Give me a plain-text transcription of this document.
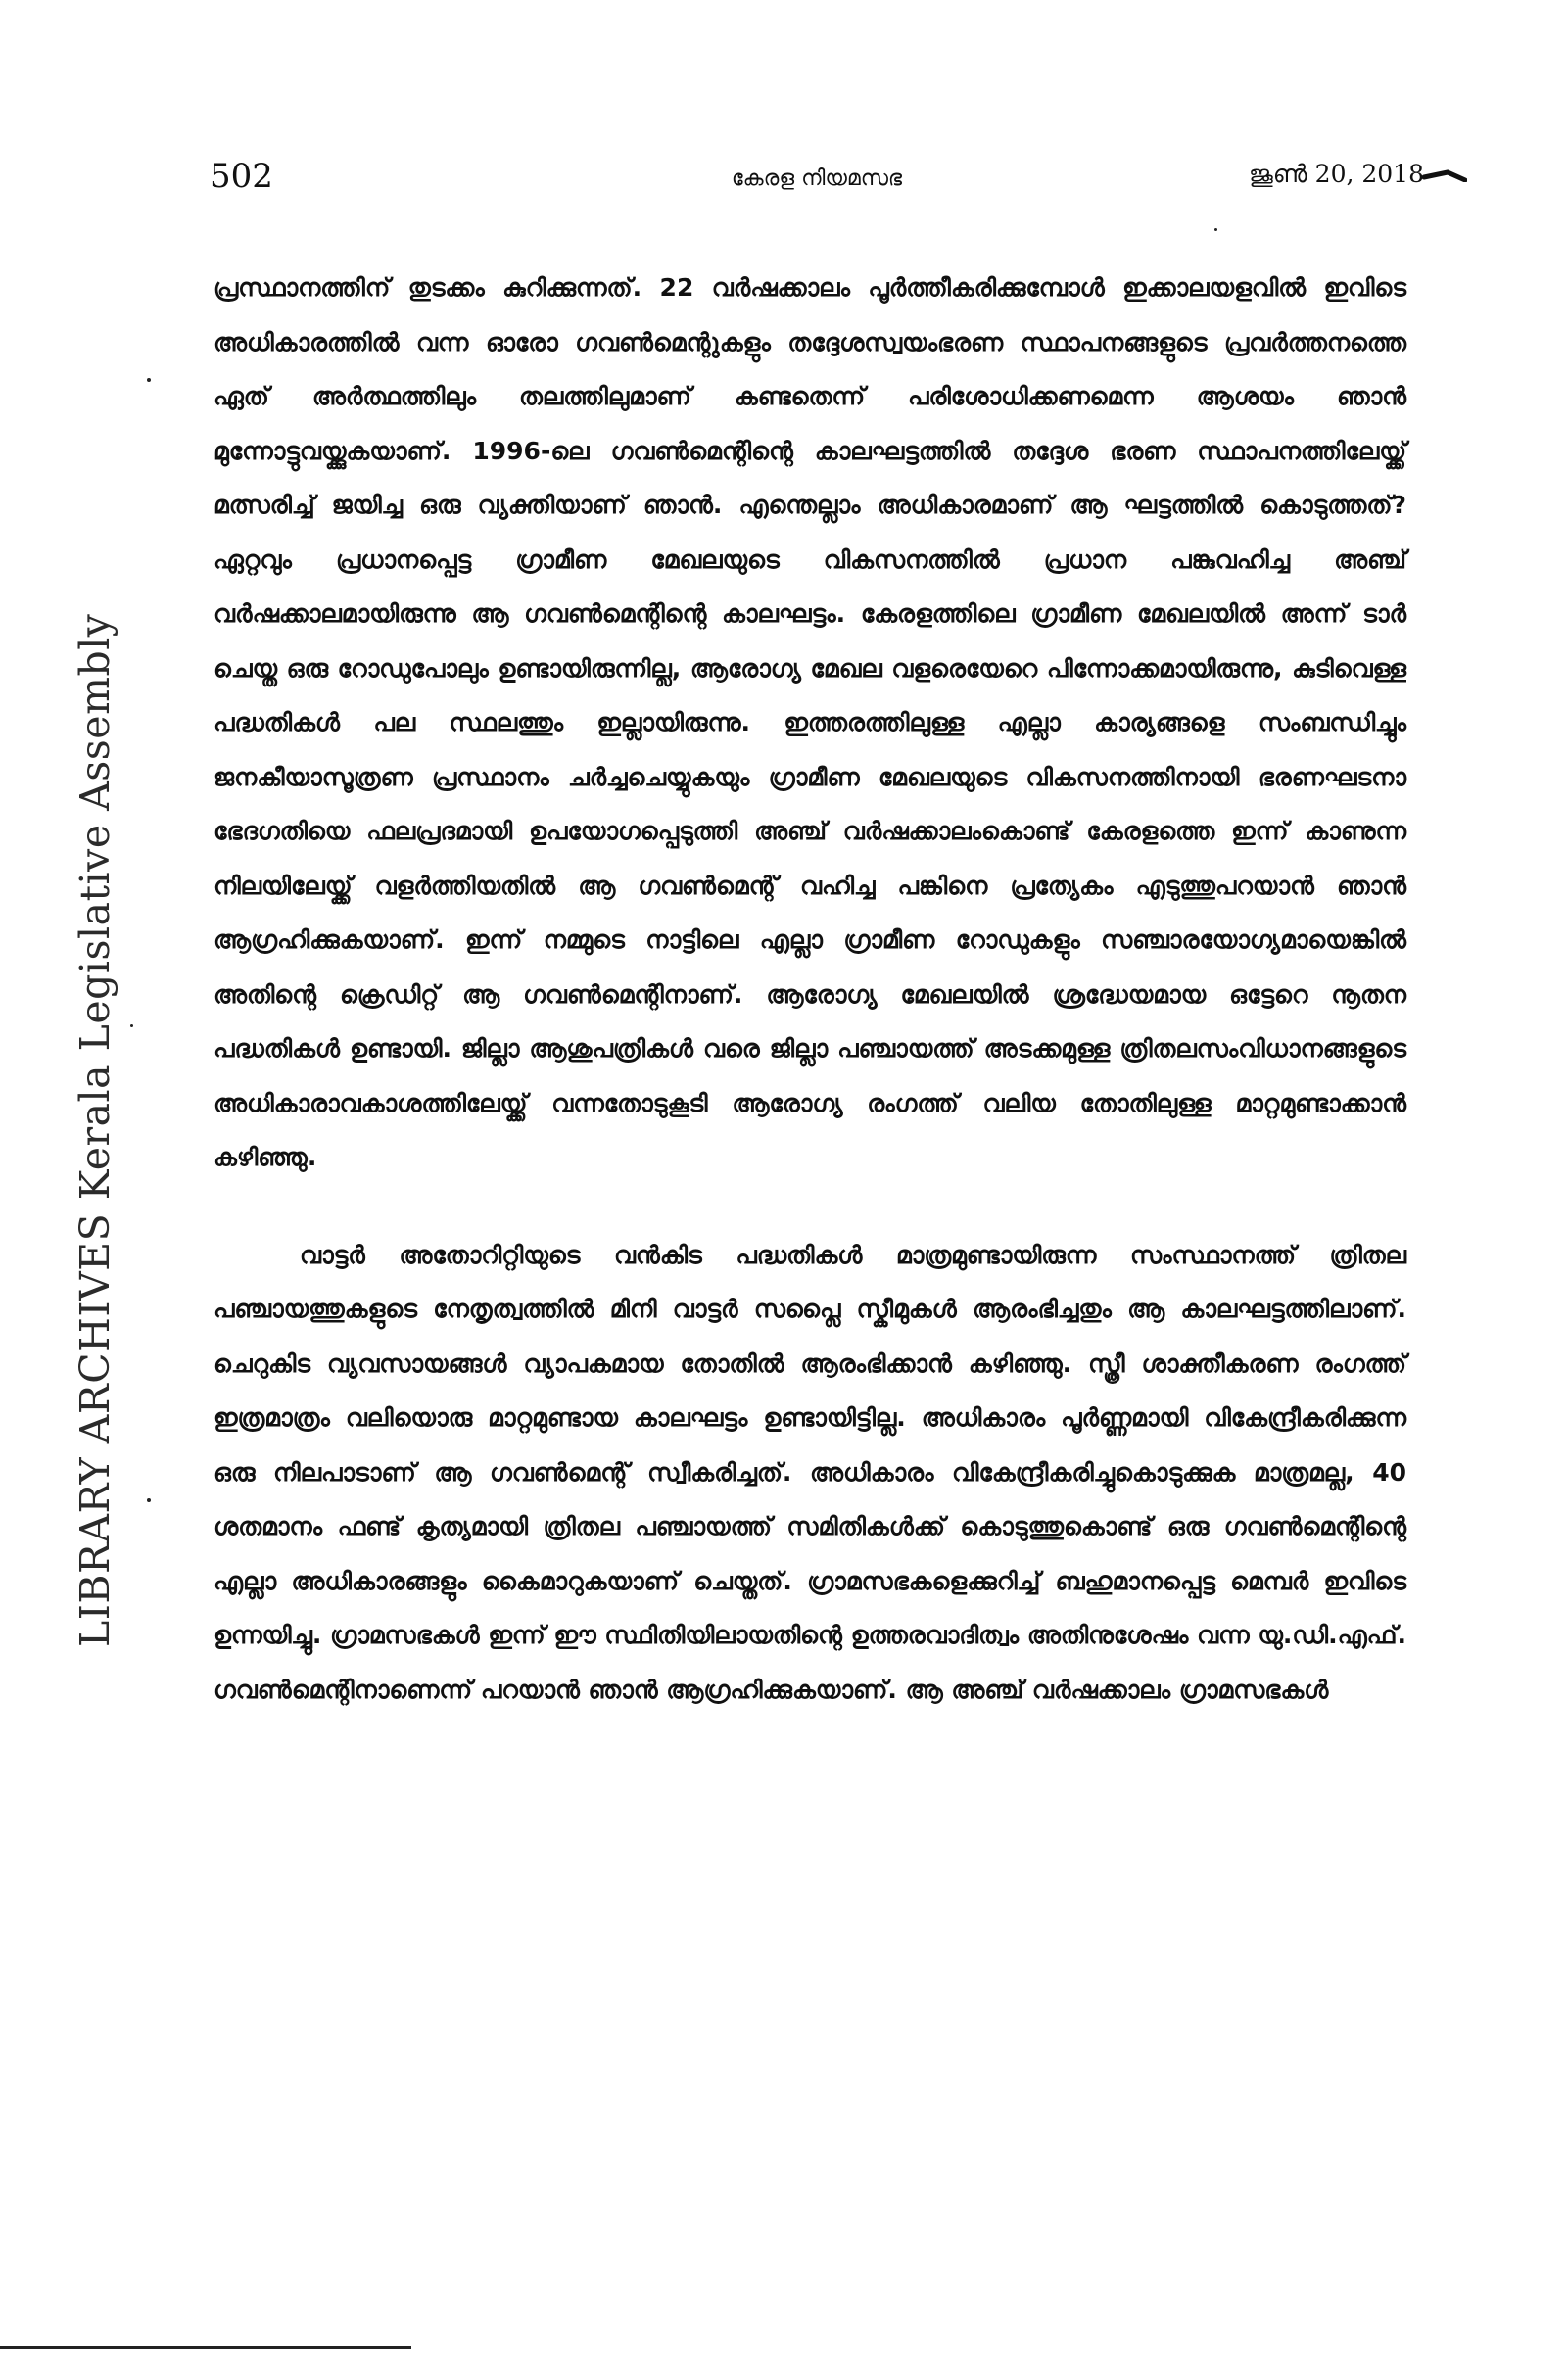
LIBRARY ARCHIVES Kerala Legislative Assembly
502	കേരള നിയമസഭ	ജൂൺ 20, 2018

പ്രസ്ഥാനത്തിന് തുടക്കം കുറിക്കുന്നത്. 22 വർഷക്കാലം പൂർത്തീകരിക്കുമ്പോൾ ഇക്കാലയളവിൽ ഇവിടെ അധികാരത്തിൽ വന്ന ഓരോ ഗവൺമെന്റുകളും തദ്ദേശസ്വയംഭരണ സ്ഥാപനങ്ങളുടെ പ്രവർത്തനത്തെ ഏത് അർത്ഥത്തിലും തലത്തിലുമാണ് കണ്ടതെന്ന് പരിശോധിക്കണമെന്ന ആശയം ഞാൻ മുന്നോട്ടുവയ്ക്കുകയാണ്. 1996-ലെ ഗവൺമെന്റിന്റെ കാലഘട്ടത്തിൽ തദ്ദേശ ഭരണ സ്ഥാപനത്തിലേയ്ക്ക് മത്സരിച്ച് ജയിച്ച ഒരു വ്യക്തിയാണ് ഞാൻ. എന്തെല്ലാം അധികാരമാണ് ആ ഘട്ടത്തിൽ കൊടുത്തത്? ഏറ്റവും പ്രധാനപ്പെട്ട ഗ്രാമീണ മേഖലയുടെ വികസനത്തിൽ പ്രധാന പങ്കുവഹിച്ച അഞ്ച് വർഷക്കാലമായിരുന്നു ആ ഗവൺമെന്റിന്റെ കാലഘട്ടം. കേരളത്തിലെ ഗ്രാമീണ മേഖലയിൽ അന്ന് ടാർ ചെയ്ത ഒരു റോഡുപോലും ഉണ്ടായിരുന്നില്ല, ആരോഗ്യ മേഖല വളരെയേറെ പിന്നോക്കമായിരുന്നു, കുടിവെള്ള പദ്ധതികൾ പല സ്ഥലത്തും ഇല്ലായിരുന്നു. ഇത്തരത്തിലുള്ള എല്ലാ കാര്യങ്ങളെ സംബന്ധിച്ചും ജനകീയാസൂത്രണ പ്രസ്ഥാനം ചർച്ചചെയ്യുകയും ഗ്രാമീണ മേഖലയുടെ വികസനത്തിനായി ഭരണഘടനാ ഭേദഗതിയെ ഫലപ്രദമായി ഉപയോഗപ്പെടുത്തി അഞ്ച് വർഷക്കാലംകൊണ്ട് കേരളത്തെ ഇന്ന് കാണുന്ന നിലയിലേയ്ക്ക് വളർത്തിയതിൽ ആ ഗവൺമെന്റ് വഹിച്ച പങ്കിനെ പ്രത്യേകം എടുത്തുപറയാൻ ഞാൻ ആഗ്രഹിക്കുകയാണ്. ഇന്ന് നമ്മുടെ നാട്ടിലെ എല്ലാ ഗ്രാമീണ റോഡുകളും സഞ്ചാരയോഗ്യമായെങ്കിൽ അതിന്റെ ക്രെഡിറ്റ് ആ ഗവൺമെന്റിനാണ്. ആരോഗ്യ മേഖലയിൽ ശ്രദ്ധേയമായ ഒട്ടേറെ നൂതന പദ്ധതികൾ ഉണ്ടായി. ജില്ലാ ആശുപത്രികൾ വരെ ജില്ലാ പഞ്ചായത്ത് അടക്കമുള്ള ത്രിതലസംവിധാനങ്ങളുടെ അധികാരാവകാശത്തിലേയ്ക്ക് വന്നതോടുകൂടി ആരോഗ്യ രംഗത്ത് വലിയ തോതിലുള്ള മാറ്റമുണ്ടാക്കാൻ കഴിഞ്ഞു.

വാട്ടർ അതോറിറ്റിയുടെ വൻകിട പദ്ധതികൾ മാത്രമുണ്ടായിരുന്ന സംസ്ഥാനത്ത് ത്രിതല പഞ്ചായത്തുകളുടെ നേതൃത്വത്തിൽ മിനി വാട്ടർ സപ്ലൈ സ്കീമുകൾ ആരംഭിച്ചതും ആ കാലഘട്ടത്തിലാണ്. ചെറുകിട വ്യവസായങ്ങൾ വ്യാപകമായ തോതിൽ ആരംഭിക്കാൻ കഴിഞ്ഞു. സ്ത്രീ ശാക്തീകരണ രംഗത്ത് ഇത്രമാത്രം വലിയൊരു മാറ്റമുണ്ടായ കാലഘട്ടം ഉണ്ടായിട്ടില്ല. അധികാരം പൂർണ്ണമായി വികേന്ദ്രീകരിക്കുന്ന ഒരു നിലപാടാണ് ആ ഗവൺമെന്റ് സ്വീകരിച്ചത്. അധികാരം വികേന്ദ്രീകരിച്ചുകൊടുക്കുക മാത്രമല്ല, 40 ശതമാനം ഫണ്ട് കൃത്യമായി ത്രിതല പഞ്ചായത്ത് സമിതികൾക്ക് കൊടുത്തുകൊണ്ട് ഒരു ഗവൺമെന്റിന്റെ എല്ലാ അധികാരങ്ങളും കൈമാറുകയാണ് ചെയ്തത്. ഗ്രാമസഭകളെക്കുറിച്ച് ബഹുമാനപ്പെട്ട മെമ്പർ ഇവിടെ ഉന്നയിച്ചു. ഗ്രാമസഭകൾ ഇന്ന് ഈ സ്ഥിതിയിലായതിന്റെ ഉത്തരവാദിത്വം അതിനുശേഷം വന്ന യു.ഡി.എഫ്. ഗവൺമെന്റിനാണെന്ന് പറയാൻ ഞാൻ ആഗ്രഹിക്കുകയാണ്. ആ അഞ്ച് വർഷക്കാലം ഗ്രാമസഭകൾ
